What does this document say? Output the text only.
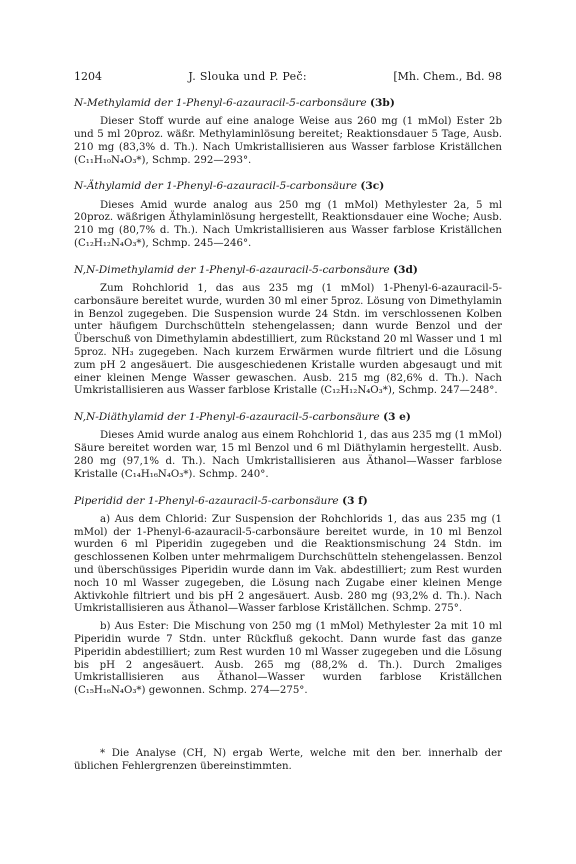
1204	J. Slouka und P. Peč:	[Mh. Chem., Bd. 98
N-Methylamid der 1-Phenyl-6-azauracil-5-carbonsäure (3b)

Dieser Stoff wurde auf eine analoge Weise aus 260 mg (1 mMol) Ester 2b und 5 ml 20proz. wäßr. Methylaminlösung bereitet; Reaktionsdauer 5 Tage, Ausb. 210 mg (83,3% d. Th.). Nach Umkristallisieren aus Wasser farblose Kriställchen (C₁₁H₁₀N₄O₃*), Schmp. 292—293°.

N-Äthylamid der 1-Phenyl-6-azauracil-5-carbonsäure (3c)

Dieses Amid wurde analog aus 250 mg (1 mMol) Methylester 2a, 5 ml 20proz. wäßrigen Äthylaminlösung hergestellt, Reaktionsdauer eine Woche; Ausb. 210 mg (80,7% d. Th.). Nach Umkristallisieren aus Wasser farblose Kriställchen (C₁₂H₁₂N₄O₃*), Schmp. 245—246°.

N,N-Dimethylamid der 1-Phenyl-6-azauracil-5-carbonsäure (3d)

Zum Rohchlorid 1, das aus 235 mg (1 mMol) 1-Phenyl-6-azauracil-5-carbonsäure bereitet wurde, wurden 30 ml einer 5proz. Lösung von Dimethylamin in Benzol zugegeben. Die Suspension wurde 24 Stdn. im verschlossenen Kolben unter häufigem Durchschütteln stehengelassen; dann wurde Benzol und der Überschuß von Dimethylamin abdestilliert, zum Rückstand 20 ml Wasser und 1 ml 5proz. NH₃ zugegeben. Nach kurzem Erwärmen wurde filtriert und die Lösung zum pH 2 angesäuert. Die ausgeschiedenen Kristalle wurden abgesaugt und mit einer kleinen Menge Wasser gewaschen. Ausb. 215 mg (82,6% d. Th.). Nach Umkristallisieren aus Wasser farblose Kristalle (C₁₂H₁₂N₄O₃*), Schmp. 247—248°.

N,N-Diäthylamid der 1-Phenyl-6-azauracil-5-carbonsäure (3 e)

Dieses Amid wurde analog aus einem Rohchlorid 1, das aus 235 mg (1 mMol) Säure bereitet worden war, 15 ml Benzol und 6 ml Diäthylamin hergestellt. Ausb. 280 mg (97,1% d. Th.). Nach Umkristallisieren aus Äthanol—Wasser farblose Kristalle (C₁₄H₁₆N₄O₃*). Schmp. 240°.

Piperidid der 1-Phenyl-6-azauracil-5-carbonsäure (3 f)

a) Aus dem Chlorid: Zur Suspension der Rohchlorids 1, das aus 235 mg (1 mMol) der 1-Phenyl-6-azauracil-5-carbonsäure bereitet wurde, in 10 ml Benzol wurden 6 ml Piperidin zugegeben und die Reaktionsmischung 24 Stdn. im geschlossenen Kolben unter mehrmaligem Durchschütteln stehengelassen. Benzol und überschüssiges Piperidin wurde dann im Vak. abdestilliert; zum Rest wurden noch 10 ml Wasser zugegeben, die Lösung nach Zugabe einer kleinen Menge Aktivkohle filtriert und bis pH 2 angesäuert. Ausb. 280 mg (93,2% d. Th.). Nach Umkristallisieren aus Äthanol—Wasser farblose Kriställchen. Schmp. 275°.

b) Aus Ester: Die Mischung von 250 mg (1 mMol) Methylester 2a mit 10 ml Piperidin wurde 7 Stdn. unter Rückfluß gekocht. Dann wurde fast das ganze Piperidin abdestilliert; zum Rest wurden 10 ml Wasser zugegeben und die Lösung bis pH 2 angesäuert. Ausb. 265 mg (88,2% d. Th.). Durch 2maliges Umkristallisieren aus Äthanol—Wasser wurden farblose Kriställchen (C₁₅H₁₆N₄O₃*) gewonnen. Schmp. 274—275°.

* Die Analyse (CH, N) ergab Werte, welche mit den ber. innerhalb der üblichen Fehlergrenzen übereinstimmten.
